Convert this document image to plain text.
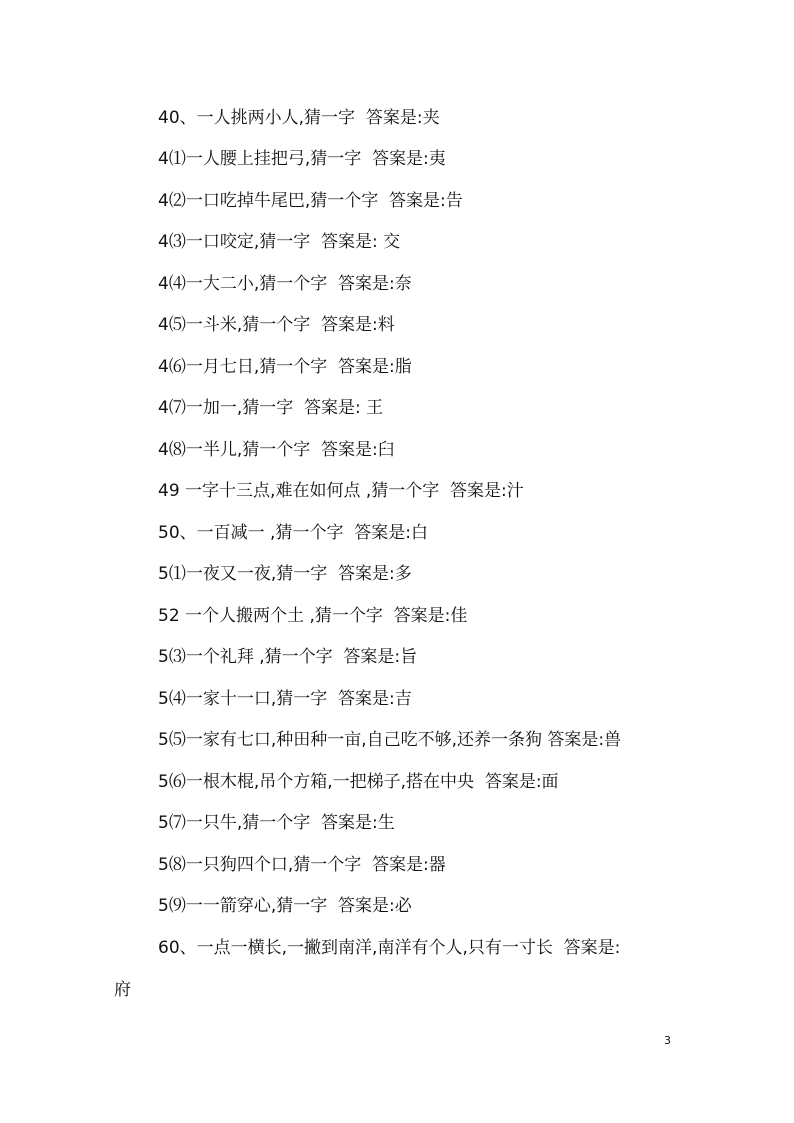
40、一人挑两小人,猜一字  答案是:夹
4⑴一人腰上挂把弓,猜一字  答案是:夷
4⑵一口吃掉牛尾巴,猜一个字  答案是:告
4⑶一口咬定,猜一字  答案是: 交
4⑷一大二小,猜一个字  答案是:奈
4⑸一斗米,猜一个字  答案是:料
4⑹一月七日,猜一个字  答案是:脂
4⑺一加一,猜一字  答案是: 王
4⑻一半儿,猜一个字  答案是:臼
49 一字十三点,难在如何点 ,猜一个字  答案是:汁
50、一百减一 ,猜一个字  答案是:白
5⑴一夜又一夜,猜一字  答案是:多
52 一个人搬两个土 ,猜一个字  答案是:佳
5⑶一个礼拜 ,猜一个字  答案是:旨
5⑷一家十一口,猜一字  答案是:吉
5⑸一家有七口,种田种一亩,自己吃不够,还养一条狗 答案是:兽
5⑹一根木棍,吊个方箱,一把梯子,搭在中央  答案是:面
5⑺一只牛,猜一个字  答案是:生
5⑻一只狗四个口,猜一个字  答案是:器
5⑼一一箭穿心,猜一字  答案是:必
60、一点一横长,一撇到南洋,南洋有个人,只有一寸长  答案是:
府
3
